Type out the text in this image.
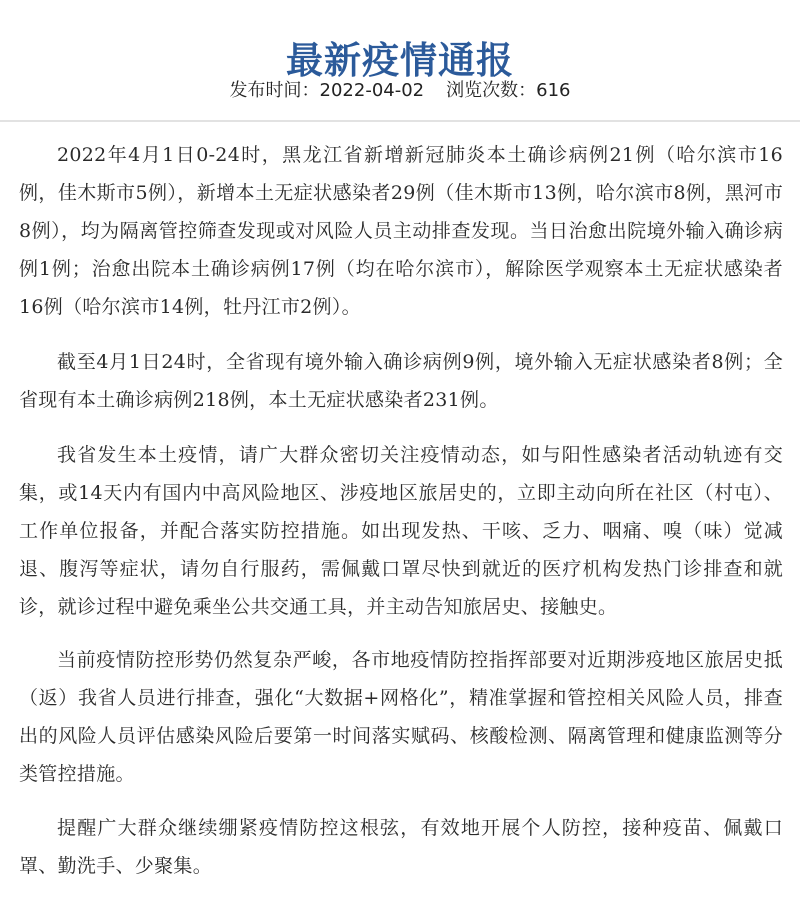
最新疫情通报
发布时间：2022-04-02 浏览次数：616

2022年4月1日0-24时，黑龙江省新增新冠肺炎本土确诊病例21例（哈尔滨市16例，佳木斯市5例），新增本土无症状感染者29例（佳木斯市13例，哈尔滨市8例，黑河市8例），均为隔离管控筛查发现或对风险人员主动排查发现。当日治愈出院境外输入确诊病例1例；治愈出院本土确诊病例17例（均在哈尔滨市），解除医学观察本土无症状感染者16例（哈尔滨市14例，牡丹江市2例）。

截至4月1日24时，全省现有境外输入确诊病例9例，境外输入无症状感染者8例；全省现有本土确诊病例218例，本土无症状感染者231例。

我省发生本土疫情，请广大群众密切关注疫情动态，如与阳性感染者活动轨迹有交集，或14天内有国内中高风险地区、涉疫地区旅居史的，立即主动向所在社区（村屯）、工作单位报备，并配合落实防控措施。如出现发热、干咳、乏力、咽痛、嗅（味）觉减退、腹泻等症状，请勿自行服药，需佩戴口罩尽快到就近的医疗机构发热门诊排查和就诊，就诊过程中避免乘坐公共交通工具，并主动告知旅居史、接触史。

当前疫情防控形势仍然复杂严峻，各市地疫情防控指挥部要对近期涉疫地区旅居史抵（返）我省人员进行排查，强化“大数据+网格化”，精准掌握和管控相关风险人员，排查出的风险人员评估感染风险后要第一时间落实赋码、核酸检测、隔离管理和健康监测等分类管控措施。

提醒广大群众继续绷紧疫情防控这根弦，有效地开展个人防控，接种疫苗、佩戴口罩、勤洗手、少聚集。
